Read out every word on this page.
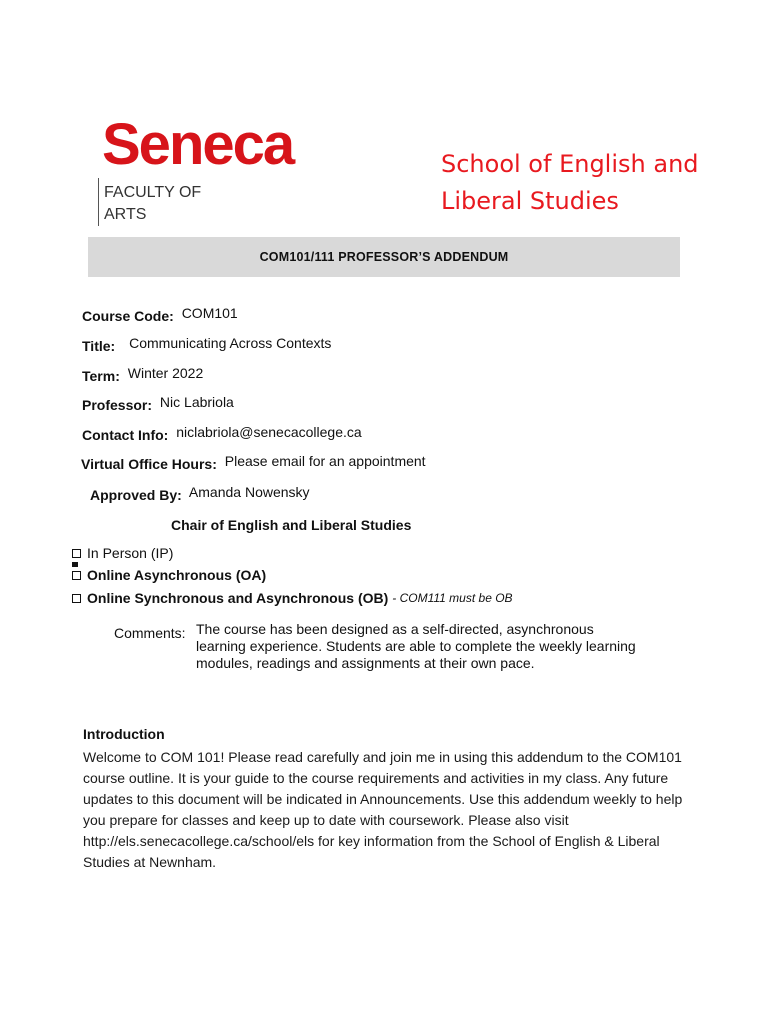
Seneca
FACULTY OF
ARTS
School of English and
Liberal Studies
COM101/111 PROFESSOR’S ADDENDUM
Course Code: COM101
Title: Communicating Across Contexts
Term: Winter 2022
Professor: Nic Labriola
Contact Info: niclabriola@senecacollege.ca
Virtual Office Hours: Please email for an appointment
Approved By: Amanda Nowensky
Chair of English and Liberal Studies
In Person (IP)
Online Asynchronous (OA)
Online Synchronous and Asynchronous (OB) - COM111 must be OB
Comments: The course has been designed as a self-directed, asynchronous learning experience. Students are able to complete the weekly learning modules, readings and assignments at their own pace.
Introduction
Welcome to COM 101! Please read carefully and join me in using this addendum to the COM101 course outline. It is your guide to the course requirements and activities in my class. Any future updates to this document will be indicated in Announcements. Use this addendum weekly to help you prepare for classes and keep up to date with coursework. Please also visit http://els.senecacollege.ca/school/els for key information from the School of English & Liberal Studies at Newnham.
